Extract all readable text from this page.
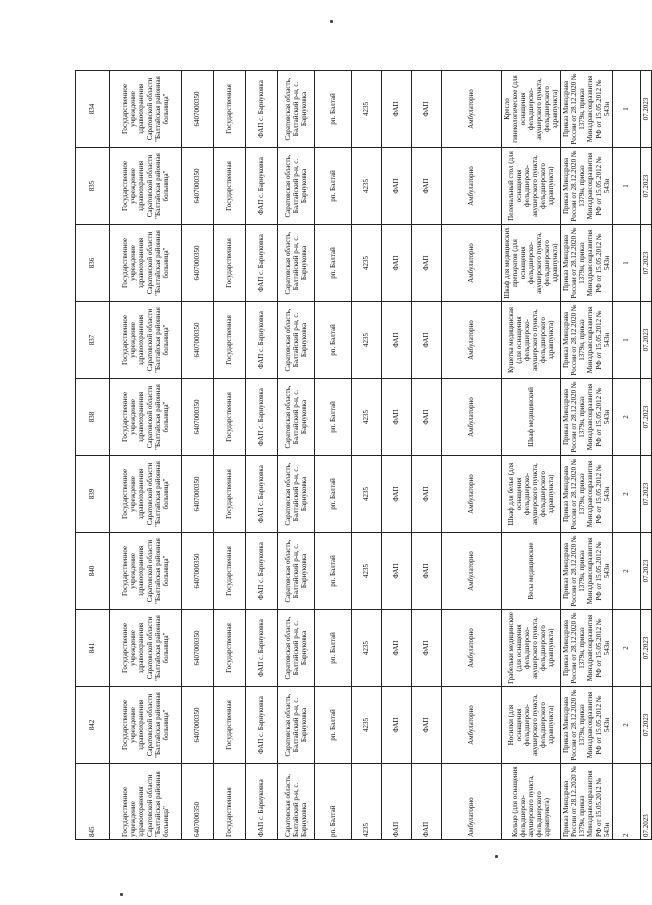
845	842	841	840	839	838	837	836	835	834
Государственное учреждение здравоохранения Саратовской области "Балтайская районная больница"	Государственное учреждение здравоохранения Саратовской области "Балтайская районная больница"	Государственное учреждение здравоохранения Саратовской области "Балтайская районная больница"	Государственное учреждение здравоохранения Саратовской области "Балтайская районная больница"	Государственное учреждение здравоохранения Саратовской области "Балтайская районная больница"	Государственное учреждение здравоохранения Саратовской области "Балтайская районная больница"	Государственное учреждение здравоохранения Саратовской области "Балтайская районная больница"	Государственное учреждение здравоохранения Саратовской области "Балтайская районная больница"	Государственное учреждение здравоохранения Саратовской области "Балтайская районная больница"	Государственное учреждение здравоохранения Саратовской области "Балтайская районная больница"
6407000350	6407000350	6407000350	6407000350	6407000350	6407000350	6407000350	6407000350	6407000350	6407000350
Государственная	Государственная	Государственная	Государственная	Государственная	Государственная	Государственная	Государственная	Государственная	Государственная
ФАП с. Барнуковка	ФАП с. Барнуковка	ФАП с. Барнуковка	ФАП с. Барнуковка	ФАП с. Барнуковка	ФАП с. Барнуковка	ФАП с. Барнуковка	ФАП с. Барнуковка	ФАП с. Барнуковка	ФАП с. Барнуковка
Саратовская область, Балтайский р-н, с. Барнуковка	Саратовская область, Балтайский р-н, с. Барнуковка	Саратовская область, Балтайский р-н, с. Барнуковка	Саратовская область, Балтайский р-н, с. Барнуковка	Саратовская область, Балтайский р-н, с. Барнуковка	Саратовская область, Балтайский р-н, с. Барнуковка	Саратовская область, Балтайский р-н, с. Барнуковка	Саратовская область, Балтайский р-н, с. Барнуковка	Саратовская область, Балтайский р-н, с. Барнуковка	Саратовская область, Балтайский р-н, с. Барнуковка
рп. Балтай	рп. Балтай	рп. Балтай	рп. Балтай	рп. Балтай	рп. Балтай	рп. Балтай	рп. Балтай	рп. Балтай	рп. Балтай
4235	4235	4235	4235	4235	4235	4235	4235	4235	4235
ФАП	ФАП	ФАП	ФАП	ФАП	ФАП	ФАП	ФАП	ФАП	ФАП
ФАП	ФАП	ФАП	ФАП	ФАП	ФАП	ФАП	ФАП	ФАП	ФАП
Амбулаторно	Амбулаторно	Амбулаторно	Амбулаторно	Амбулаторно	Амбулаторно	Амбулаторно	Амбулаторно	Амбулаторно	Амбулаторно
Кольцо (для оснащения фельдшерско-акушерского пункта, фельдшерского здравпункта)	Носилки (для оснащения фельдшерско-акушерского пункта, фельдшерского здравпункта)	Грабельки медицинские (для оснащения фельдшерско-акушерского пункта, фельдшерского здравпункта)	Весы медицинские	Шкаф для белья (для оснащения фельдшерско-акушерского пункта, фельдшерского здравпункта)	Шкаф медицинский	Кушетка медицинская (для оснащения фельдшерско-акушерского пункта, фельдшерского здравпункта)	Шкаф для медицинских препаратов (для оснащения фельдшерско-акушерского пункта, фельдшерского здравпункта)	Пеленальный стол (для оснащения фельдшерско-акушерского пункта, фельдшерского здравпункта)	Кресло гинекологическое (для оснащения фельдшерско-акушерского пункта, фельдшерского здравпункта)
Приказ Минздрава России от 28.12.2020 № 1379н, приказ Минздравсоцразвития РФ от 15.05.2012 № 543н	Приказ Минздрава России от 28.12.2020 № 1379н, приказ Минздравсоцразвития РФ от 15.05.2012 № 543н	Приказ Минздрава России от 28.12.2020 № 1379н, приказ Минздравсоцразвития РФ от 15.05.2012 № 543н	Приказ Минздрава России от 28.12.2020 № 1379н, приказ Минздравсоцразвития РФ от 15.05.2012 № 543н	Приказ Минздрава России от 28.12.2020 № 1379н, приказ Минздравсоцразвития РФ от 15.05.2012 № 543н	Приказ Минздрава России от 28.12.2020 № 1379н, приказ Минздравсоцразвития РФ от 15.05.2012 № 543н	Приказ Минздрава России от 28.12.2020 № 1379н, приказ Минздравсоцразвития РФ от 15.05.2012 № 543н	Приказ Минздрава России от 28.12.2020 № 1379н, приказ Минздравсоцразвития РФ от 15.05.2012 № 543н	Приказ Минздрава России от 28.12.2020 № 1379н, приказ Минздравсоцразвития РФ от 15.05.2012 № 543н	Приказ Минздрава России от 28.12.2020 № 1379н, приказ Минздравсоцразвития РФ от 15.05.2012 № 543н
2	2	2	2	2	2	1	1	1	1
07.2023	07.2023	07.2023	07.2023	07.2023	07.2023	07.2023	07.2023	07.2023	07.2023
